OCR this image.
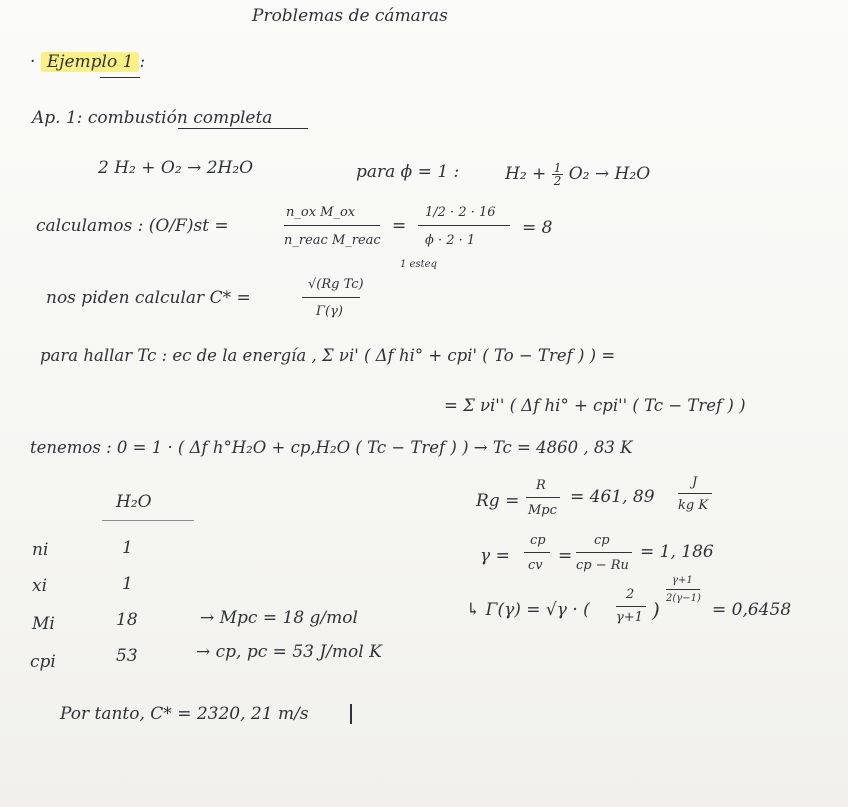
Problemas de cámaras
· Ejemplo 1 :
Ap. 1: combustión completa
2 H₂ + O₂ → 2H₂O	para ϕ = 1 :	$H_2 + \frac{1}{2} O_2 \to H_2O$
calculamos : (O/F)st =
n_ox M_ox
n_reac M_reac
=
1/2 · 2 · 16
ϕ · 2 · 1
= 8
1 esteq
nos piden calcular C* =
√(Rg Tc)
Γ(γ)
para hallar Tc : ec de la energía , Σ νi' ( Δf hi° + cpi' ( To − Tref ) ) =
= Σ νi'' ( Δf hi° + cpi'' ( Tc − Tref ) )
tenemos : 0 = 1 · ( Δf h°H₂O + cp,H₂O ( Tc − Tref ) ) → Tc = 4860 , 83 K
H₂O
ni	1
xi	1
Mi	18	→ Mpc = 18 g/mol
cpi	53	→ cp, pc = 53 J/mol K
Rg =
R
Mpc
= 461, 89
J
kg K
γ =
cp
cv =
cp
cp − Ru
= 1, 186
↳ Γ(γ) = √γ · (
2
γ+1 )
γ+1
2(γ−1)
= 0,6458
Por tanto, C* = 2320, 21 m/s
